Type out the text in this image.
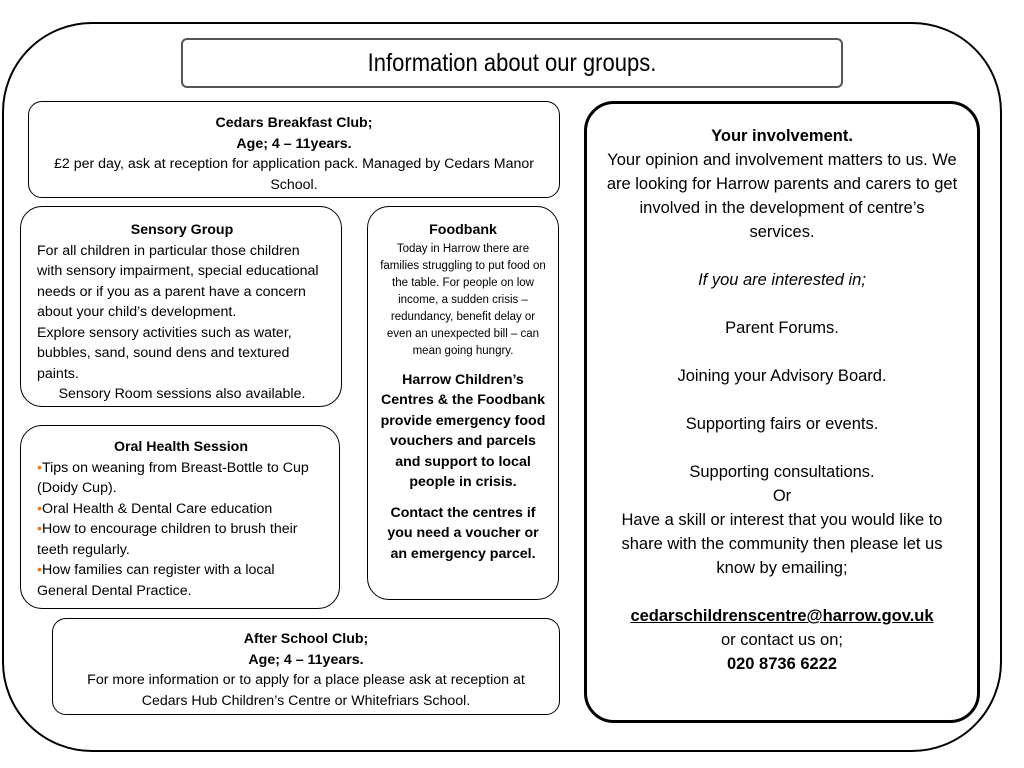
Information about our groups.

Cedars Breakfast Club;

Age; 4 – 11years.

£2 per day, ask at reception for application pack. Managed by Cedars Manor School.

Sensory Group

For all children in particular those children with sensory impairment, special educational needs or if you as a parent have a concern about your child’s development.

Explore sensory activities such as water, bubbles, sand, sound dens and textured paints.

Sensory Room sessions also available.

Foodbank

Today in Harrow there are families struggling to put food on the table. For people on low income, a sudden crisis – redundancy, benefit delay or even an unexpected bill – can mean going hungry.

Harrow Children’s Centres & the Foodbank provide emergency food vouchers and parcels and support to local people in crisis.

Contact the centres if you need a voucher or an emergency parcel.

Oral Health Session

•Tips on weaning from Breast-Bottle to Cup (Doidy Cup).

•Oral Health & Dental Care education

•How to encourage children to brush their teeth regularly.

•How families can register with a local General Dental Practice.

After School Club;

Age; 4 – 11years.

For more information or to apply for a place please ask at reception at Cedars Hub Children’s Centre or Whitefriars School.

Your involvement.

Your opinion and involvement matters to us. We are looking for Harrow parents and carers to get involved in the development of centre’s services.

If you are interested in;

Parent Forums.

Joining your Advisory Board.

Supporting fairs or events.

Supporting consultations.

Or

Have a skill or interest that you would like to share with the community then please let us know by emailing;

cedarschildrenscentre@harrow.gov.uk

or contact us on;

020 8736 6222
